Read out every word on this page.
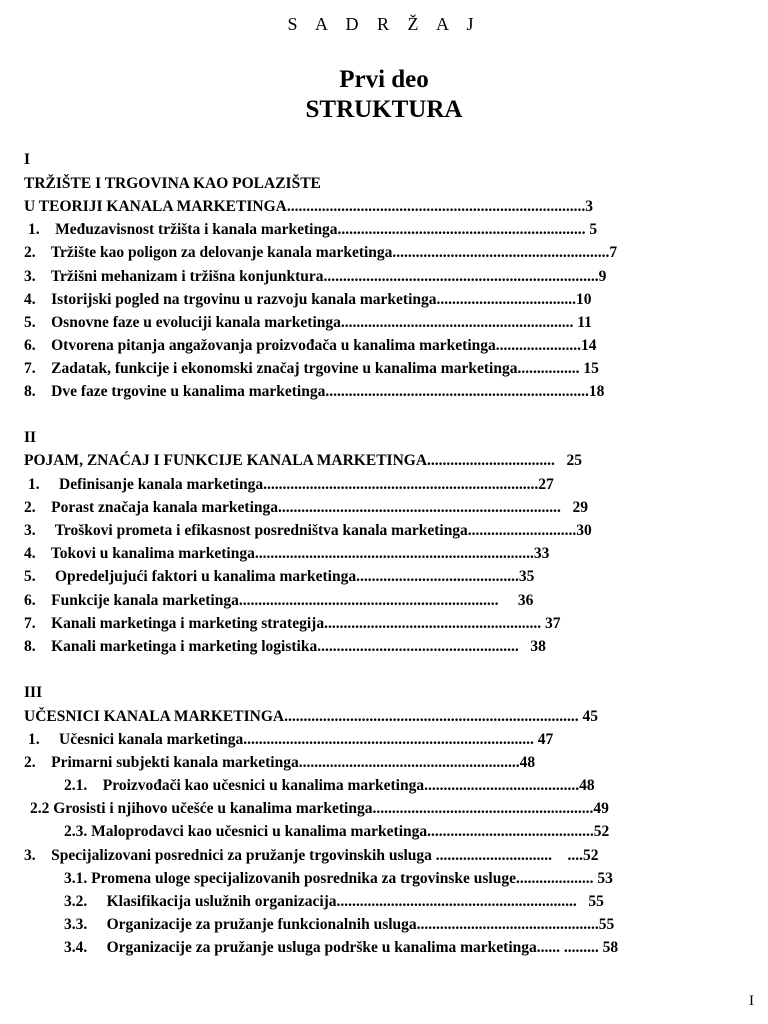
S A D R Ž A J
Prvi deo
STRUKTURA
I
TRŽIŠTE I TRGOVINA KAO POLAZIŠTE
U TEORIJI KANALA MARKETINGA.............................................................................3
1.    Međuzavisnost tržišta i kanala marketinga................................................................ 5
2.    Tržište kao poligon za delovanje kanala marketinga........................................................7
3.    Tržišni mehanizam i tržišna konjunktura.......................................................................9
4.    Istorijski pogled na trgovinu u razvoju kanala marketinga....................................10
5.    Osnovne faze u evoluciji kanala marketinga............................................................ 11
6.    Otvorena pitanja angažovanja proizvođača u kanalima marketinga......................14
7.    Zadatak, funkcije i ekonomski značaj trgovine u kanalima marketinga................ 15
8.    Dve faze trgovine u kanalima marketinga....................................................................18
II
POJAM, ZNAĆAJ I FUNKCIJE KANALA MARKETINGA.................................   25
1.     Definisanje kanala marketinga.......................................................................27
2.    Porast značaja kanala marketinga.........................................................................   29
3.     Troškovi prometa i efikasnost posredništva kanala marketinga............................30
4.    Tokovi u kanalima marketinga........................................................................33
5.     Opredeljujući faktori u kanalima marketinga..........................................35
6.    Funkcije kanala marketinga...................................................................     36
7.    Kanali marketinga i marketing strategija........................................................ 37
8.    Kanali marketinga i marketing logistika....................................................   38
III
UČESNICI KANALA MARKETINGA............................................................................ 45
1.     Učesnici kanala marketinga........................................................................... 47
2.    Primarni subjekti kanala marketinga.........................................................48
2.1.    Proizvođači kao učesnici u kanalima marketinga........................................48
2.2 Grosisti i njihovo učešće u kanalima marketinga.........................................................49
2.3. Maloprodavci kao učesnici u kanalima marketinga...........................................52
3.    Specijalizovani posrednici za pružanje trgovinskih usluga ..............................    ....52
3.1. Promena uloge specijalizovanih posrednika za trgovinske usluge.................... 53
3.2.     Klasifikacija uslužnih organizacija..............................................................   55
3.3.     Organizacije za pružanje funkcionalnih usluga...............................................55
3.4.     Organizacije za pružanje usluga podrške u kanalima marketinga...... ......... 58
I
